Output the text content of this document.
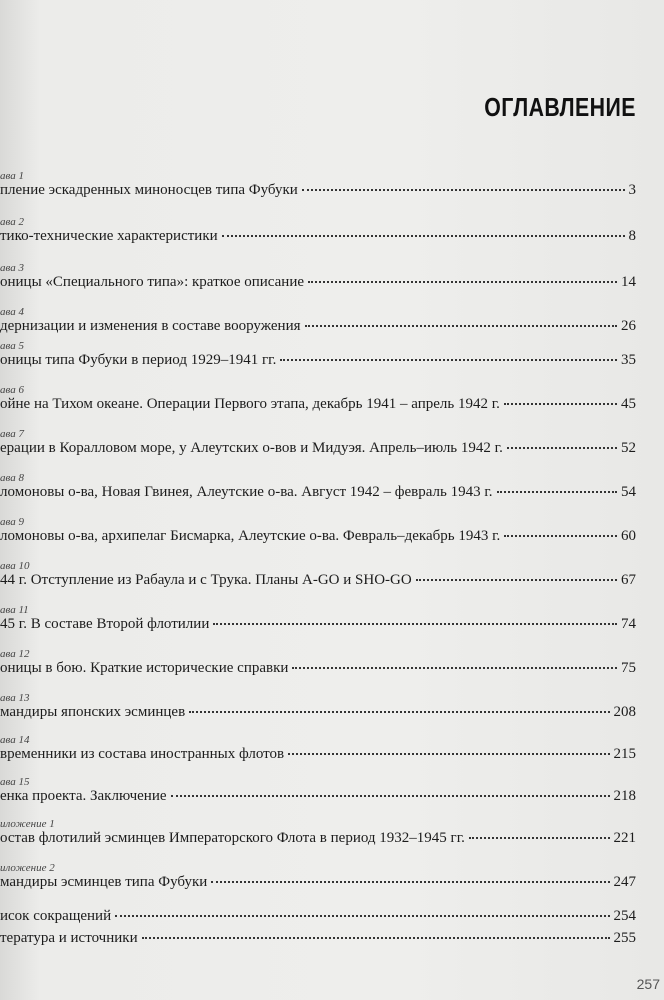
ОГЛАВЛЕНИЕ
ава 1
пление эскадренных миноносцев типа Фубуки	3
ава 2
тико-технические характеристики	8
ава 3
оницы «Специального типа»: краткое описание	14
ава 4
дернизации и изменения в составе вооружения	26
ава 5
оницы типа Фубуки в период 1929–1941 гг.	35
ава 6
ойне на Тихом океане. Операции Первого этапа, декабрь 1941 – апрель 1942 г.	45
ава 7
ерации в Коралловом море, у Алеутских о-вов и Мидуэя. Апрель–июль 1942 г.	52
ава 8
ломоновы о-ва, Новая Гвинея, Алеутские о-ва. Август 1942 – февраль 1943 г.	54
ава 9
ломоновы о-ва, архипелаг Бисмарка, Алеутские о-ва. Февраль–декабрь 1943 г.	60
ава 10
44 г. Отступление из Рабаула и с Трука. Планы A-GO и SHO-GO	67
ава 11
45 г. В составе Второй флотилии	74
ава 12
оницы в бою. Краткие исторические справки	75
ава 13
мандиры японских эсминцев	208
ава 14
временники из состава иностранных флотов	215
ава 15
енка проекта. Заключение	218
иложение 1
остав флотилий эсминцев Императорского Флота в период 1932–1945 гг.	221
иложение 2
мандиры эсминцев типа Фубуки	247
исок сокращений	254
тература и источники	255
257
